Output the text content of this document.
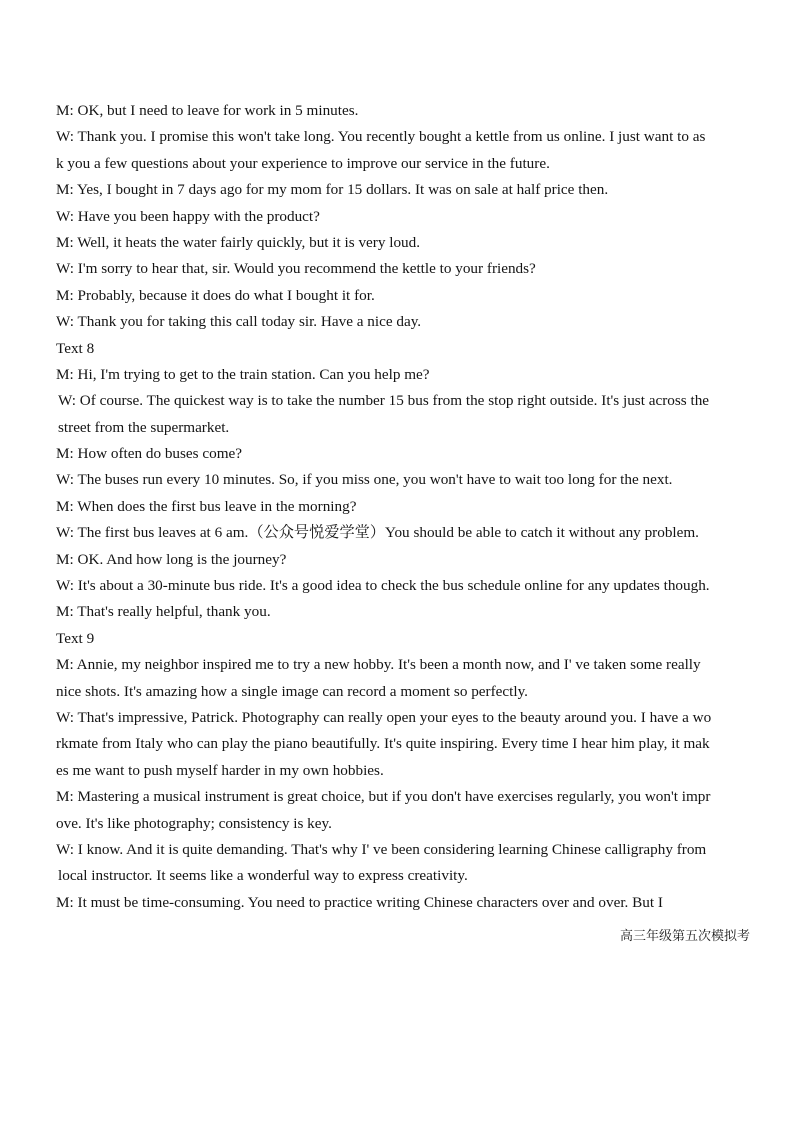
M: OK, but I need to leave for work in 5 minutes.
W: Thank you. I promise this won't take long. You recently bought a kettle from us online. I just want to as
k you a few questions about your experience to improve our service in the future.
M: Yes, I bought in 7 days ago for my mom for 15 dollars. It was on sale at half price then.
W: Have you been happy with the product?
M: Well, it heats the water fairly quickly, but it is very loud.
W: I'm sorry to hear that, sir. Would you recommend the kettle to your friends?
M: Probably, because it does do what I bought it for.
W: Thank you for taking this call today sir. Have a nice day.
Text 8
M: Hi, I'm trying to get to the train station. Can you help me?
W: Of course. The quickest way is to take the number 15 bus from the stop right outside. It's just across the
street from the supermarket.
M: How often do buses come?
W: The buses run every 10 minutes. So, if you miss one, you won't have to wait too long for the next.
M: When does the first bus leave in the morning?
W: The first bus leaves at 6 am.（公众号悦爱学堂）You should be able to catch it without any problem.
M: OK. And how long is the journey?
W: It's about a 30-minute bus ride. It's a good idea to check the bus schedule online for any updates though.
M: That's really helpful, thank you.
Text 9
M: Annie, my neighbor inspired me to try a new hobby. It's been a month now, and I' ve taken some really
nice shots. It's amazing how a single image can record a moment so perfectly.
W: That's impressive, Patrick. Photography can really open your eyes to the beauty around you. I have a wo
rkmate from Italy who can play the piano beautifully. It's quite inspiring. Every time I hear him play, it mak
es me want to push myself harder in my own hobbies.
M: Mastering a musical instrument is great choice, but if you don't have exercises regularly, you won't impr
ove. It's like photography; consistency is key.
W: I know. And it is quite demanding. That's why I' ve been considering learning Chinese calligraphy from
local instructor. It seems like a wonderful way to express creativity.
M: It must be time-consuming. You need to practice writing Chinese characters over and over. But I
高三年级第五次模拟考
